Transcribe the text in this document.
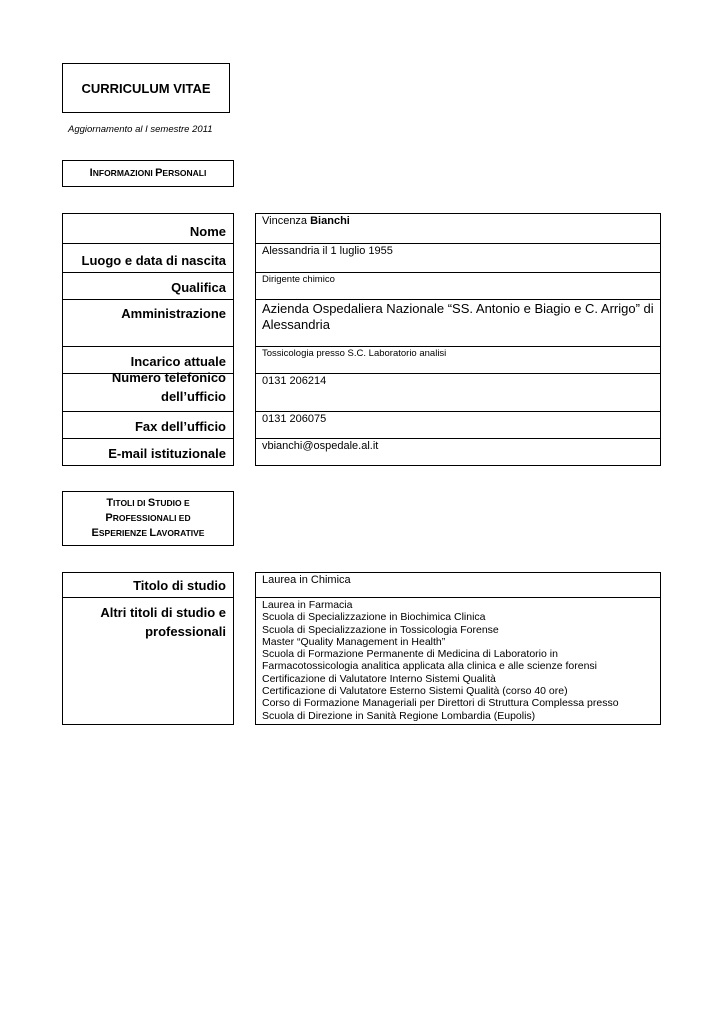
CURRICULUM VITAE
Aggiornamento al I semestre 2011
INFORMAZIONI PERSONALI
Nome
Luogo e data di nascita
Qualifica
Amministrazione
Incarico attuale
Numero telefonico
dell’ufficio
Fax dell’ufficio
E-mail istituzionale
Vincenza Bianchi
Alessandria il 1 luglio 1955
Dirigente chimico
Azienda Ospedaliera Nazionale “SS. Antonio e Biagio e C. Arrigo” di Alessandria
Tossicologia presso S.C. Laboratorio analisi
0131 206214
0131 206075
vbianchi@ospedale.al.it
TITOLI DI STUDIO E
PROFESSIONALI ED
ESPERIENZE LAVORATIVE
Titolo di studio
Altri titoli di studio e
professionali
Laurea in Chimica
Laurea in Farmacia
Scuola di Specializzazione in Biochimica Clinica
Scuola di Specializzazione in Tossicologia Forense
Master “Quality Management in Health”
Scuola di Formazione Permanente di Medicina di Laboratorio in
Farmacotossicologia analitica applicata alla clinica e alle scienze forensi
Certificazione di Valutatore Interno Sistemi Qualità
Certificazione di Valutatore Esterno Sistemi Qualità (corso 40 ore)
Corso di Formazione Manageriali per Direttori di Struttura Complessa presso
Scuola di Direzione in Sanità Regione Lombardia (Eupolis)
